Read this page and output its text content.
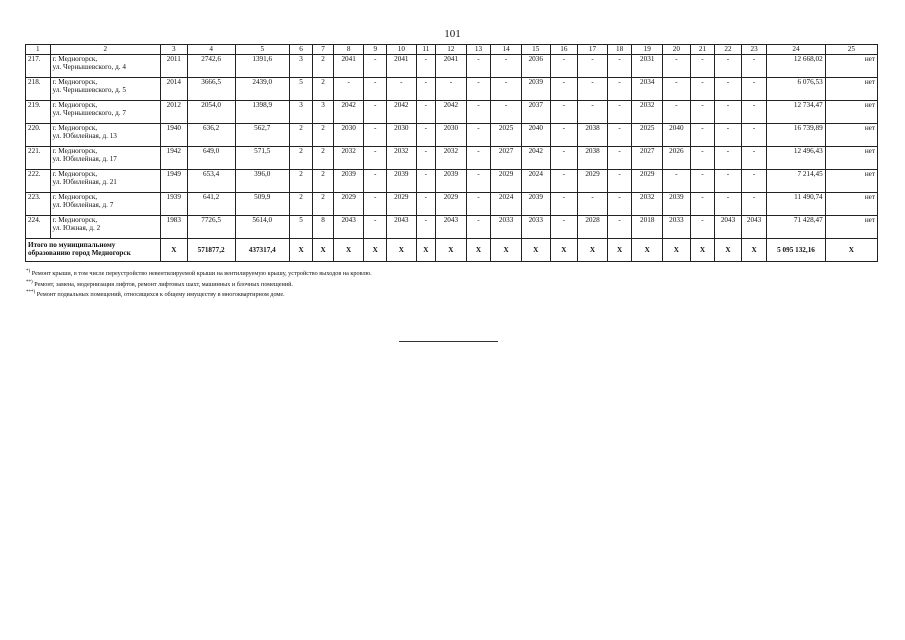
101
1	2	3	4	5	6	7	8	9	10	11	12	13	14	15	16	17	18	19	20	21	22	23	24	25
217.	г. Медногорск,
ул. Чернышевского, д. 4	2011	2742,6	1391,6	3	2	2041	-	2041	-	2041	-	-	2036	-	-	-	2031	-	-	-	-	12 668,02	нет
218.	г. Медногорск,
ул. Чернышевского, д. 5	2014	3666,5	2439,0	5	2	-	-	-	-	-	-	-	2039	-	-	-	2034	-	-	-	-	6 076,53	нет
219.	г. Медногорск,
ул. Чернышевского, д. 7	2012	2054,0	1398,9	3	3	2042	-	2042	-	2042	-	-	2037	-	-	-	2032	-	-	-	-	12 734,47	нет
220.	г. Медногорск,
ул. Юбилейная, д. 13	1940	636,2	562,7	2	2	2030	-	2030	-	2030	-	2025	2040	-	2038	-	2025	2040	-	-	-	16 739,89	нет
221.	г. Медногорск,
ул. Юбилейная, д. 17	1942	649,0	571,5	2	2	2032	-	2032	-	2032	-	2027	2042	-	2038	-	2027	2026	-	-	-	12 496,43	нет
222.	г. Медногорск,
ул. Юбилейная, д. 21	1949	653,4	396,0	2	2	2039	-	2039	-	2039	-	2029	2024	-	2029	-	2029	-	-	-	-	7 214,45	нет
223.	г. Медногорск,
ул. Юбилейная, д. 7	1939	641,2	509,9	2	2	2029	-	2029	-	2029	-	2024	2039	-	-	-	2032	2039	-	-	-	11 490,74	нет
224.	г. Медногорск,
ул. Южная, д. 2	1983	7726,5	5614,0	5	8	2043	-	2043	-	2043	-	2033	2033	-	2028	-	2018	2033	-	2043	2043	71 428,47	нет
Итого по муниципальному образованию город Медногорск		Х	571877,2	437317,4	Х	Х	Х	Х	Х	Х	Х	Х	Х	Х	Х	Х	Х	Х	Х	Х	Х	Х	5 095 132,16	Х
*) Ремонт крыши, в том числе переустройство невентилируемой крыши на вентилируемую крышу, устройство выходов на кровлю.
**) Ремонт, замена, модернизация лифтов, ремонт лифтовых шахт, машинных и блочных помещений.
***) Ремонт подвальных помещений, относящихся к общему имуществу в многоквартирном доме.
